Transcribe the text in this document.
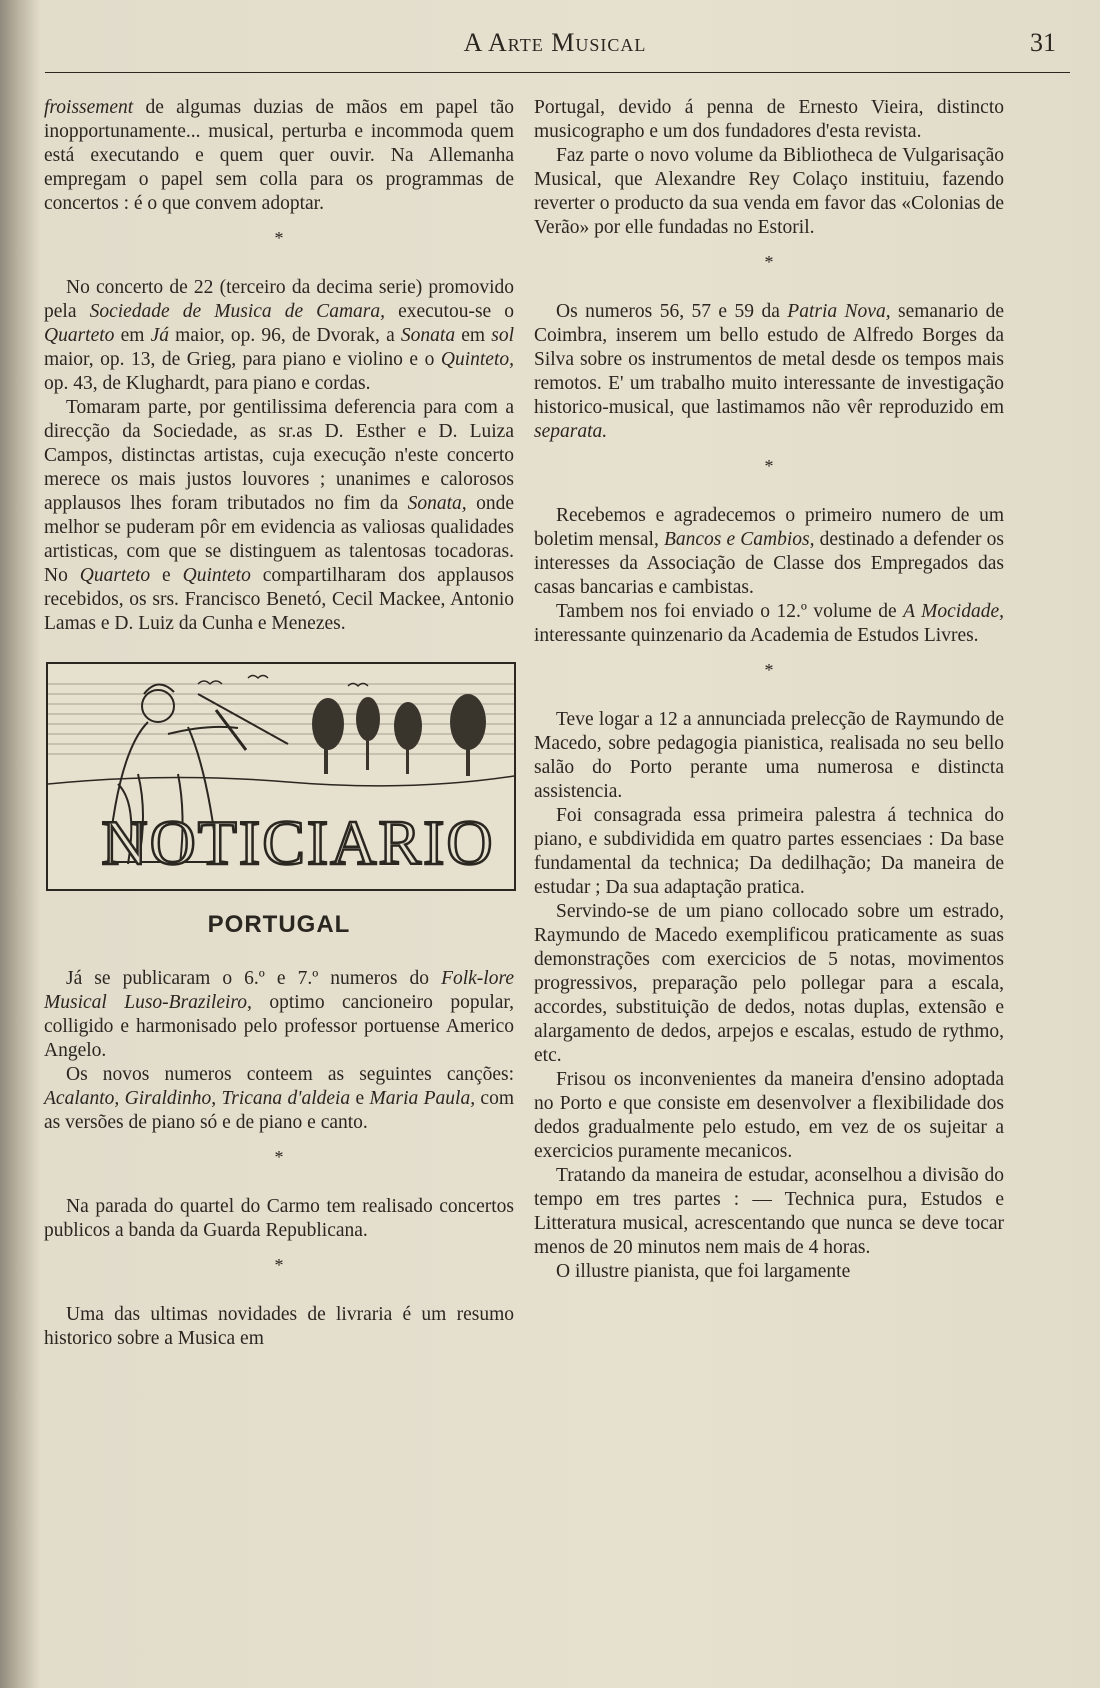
A Arte Musical	31

froissement de algumas duzias de mãos em papel tão inopportunamente... musical, perturba e incommoda quem está executando e quem quer ouvir. Na Allemanha empregam o papel sem colla para os programmas de concertos : é o que convem adoptar.

*

No concerto de 22 (terceiro da decima serie) promovido pela Sociedade de Musica de Camara, executou-se o Quarteto em Já maior, op. 96, de Dvorak, a Sonata em sol maior, op. 13, de Grieg, para piano e violino e o Quinteto, op. 43, de Klughardt, para piano e cordas.

Tomaram parte, por gentilissima deferencia para com a direcção da Sociedade, as sr.as D. Esther e D. Luiza Campos, distinctas artistas, cuja execução n'este concerto merece os mais justos louvores ; unanimes e calorosos applausos lhes foram tributados no fim da Sonata, onde melhor se puderam pôr em evidencia as valiosas qualidades artisticas, com que se distinguem as talentosas tocadoras. No Quarteto e Quinteto compartilharam dos applausos recebidos, os srs. Francisco Benetó, Cecil Mackee, Antonio Lamas e D. Luiz da Cunha e Menezes.

NOTICIARIO
PORTUGAL

Já se publicaram o 6.º e 7.º numeros do Folk-lore Musical Luso-Brazileiro, optimo cancioneiro popular, colligido e harmonisado pelo professor portuense Americo Angelo.

Os novos numeros conteem as seguintes canções: Acalanto, Giraldinho, Tricana d'aldeia e Maria Paula, com as versões de piano só e de piano e canto.

*

Na parada do quartel do Carmo tem realisado concertos publicos a banda da Guarda Republicana.

*

Uma das ultimas novidades de livraria é um resumo historico sobre a Musica em

Portugal, devido á penna de Ernesto Vieira, distincto musicographo e um dos fundadores d'esta revista.

Faz parte o novo volume da Bibliotheca de Vulgarisação Musical, que Alexandre Rey Colaço instituiu, fazendo reverter o producto da sua venda em favor das «Colonias de Verão» por elle fundadas no Estoril.

*

Os numeros 56, 57 e 59 da Patria Nova, semanario de Coimbra, inserem um bello estudo de Alfredo Borges da Silva sobre os instrumentos de metal desde os tempos mais remotos. E' um trabalho muito interessante de investigação historico-musical, que lastimamos não vêr reproduzido em separata.

*

Recebemos e agradecemos o primeiro numero de um boletim mensal, Bancos e Cambios, destinado a defender os interesses da Associação de Classe dos Empregados das casas bancarias e cambistas.

Tambem nos foi enviado o 12.º volume de A Mocidade, interessante quinzenario da Academia de Estudos Livres.

*

Teve logar a 12 a annunciada prelecção de Raymundo de Macedo, sobre pedagogia pianistica, realisada no seu bello salão do Porto perante uma numerosa e distincta assistencia.

Foi consagrada essa primeira palestra á technica do piano, e subdividida em quatro partes essenciaes : Da base fundamental da technica; Da dedilhação; Da maneira de estudar ; Da sua adaptação pratica.

Servindo-se de um piano collocado sobre um estrado, Raymundo de Macedo exemplificou praticamente as suas demonstrações com exercicios de 5 notas, movimentos progressivos, preparação pelo pollegar para a escala, accordes, substituição de dedos, notas duplas, extensão e alargamento de dedos, arpejos e escalas, estudo de rythmo, etc.

Frisou os inconvenientes da maneira d'ensino adoptada no Porto e que consiste em desenvolver a flexibilidade dos dedos gradualmente pelo estudo, em vez de os sujeitar a exercicios puramente mecanicos.

Tratando da maneira de estudar, aconselhou a divisão do tempo em tres partes : — Technica pura, Estudos e Litteratura musical, acrescentando que nunca se deve tocar menos de 20 minutos nem mais de 4 horas.

O illustre pianista, que foi largamente
